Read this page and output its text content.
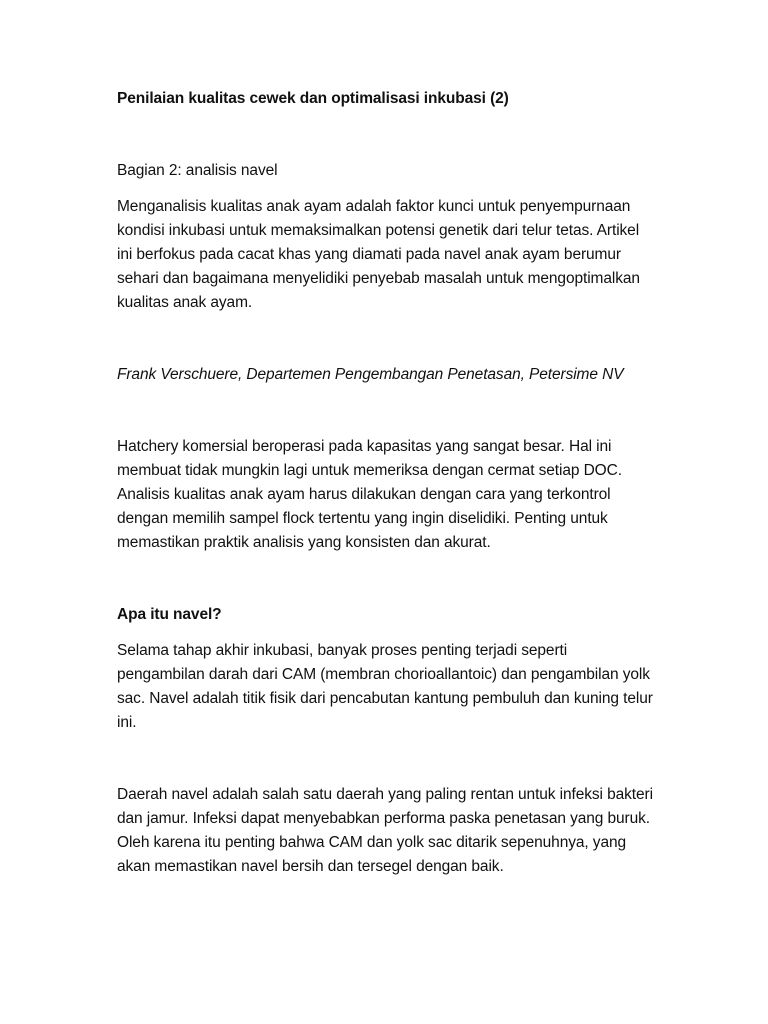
Penilaian kualitas cewek dan optimalisasi inkubasi (2)

Bagian 2: analisis navel

Menganalisis kualitas anak ayam adalah faktor kunci untuk penyempurnaan kondisi inkubasi untuk memaksimalkan potensi genetik dari telur tetas. Artikel ini berfokus pada cacat khas yang diamati pada navel anak ayam berumur sehari dan bagaimana menyelidiki penyebab masalah untuk mengoptimalkan kualitas anak ayam.

Frank Verschuere, Departemen Pengembangan Penetasan, Petersime NV

Hatchery komersial beroperasi pada kapasitas yang sangat besar. Hal ini membuat tidak mungkin lagi untuk memeriksa dengan cermat setiap DOC. Analisis kualitas anak ayam harus dilakukan dengan cara yang terkontrol dengan memilih sampel flock tertentu yang ingin diselidiki. Penting untuk memastikan praktik analisis yang konsisten dan akurat.

Apa itu navel?

Selama tahap akhir inkubasi, banyak proses penting terjadi seperti pengambilan darah dari CAM (membran chorioallantoic) dan pengambilan yolk sac. Navel adalah titik fisik dari pencabutan kantung pembuluh dan kuning telur ini.

Daerah navel adalah salah satu daerah yang paling rentan untuk infeksi bakteri dan jamur. Infeksi dapat menyebabkan performa paska penetasan yang buruk. Oleh karena itu penting bahwa CAM dan yolk sac ditarik sepenuhnya, yang akan memastikan navel bersih dan tersegel dengan baik.
